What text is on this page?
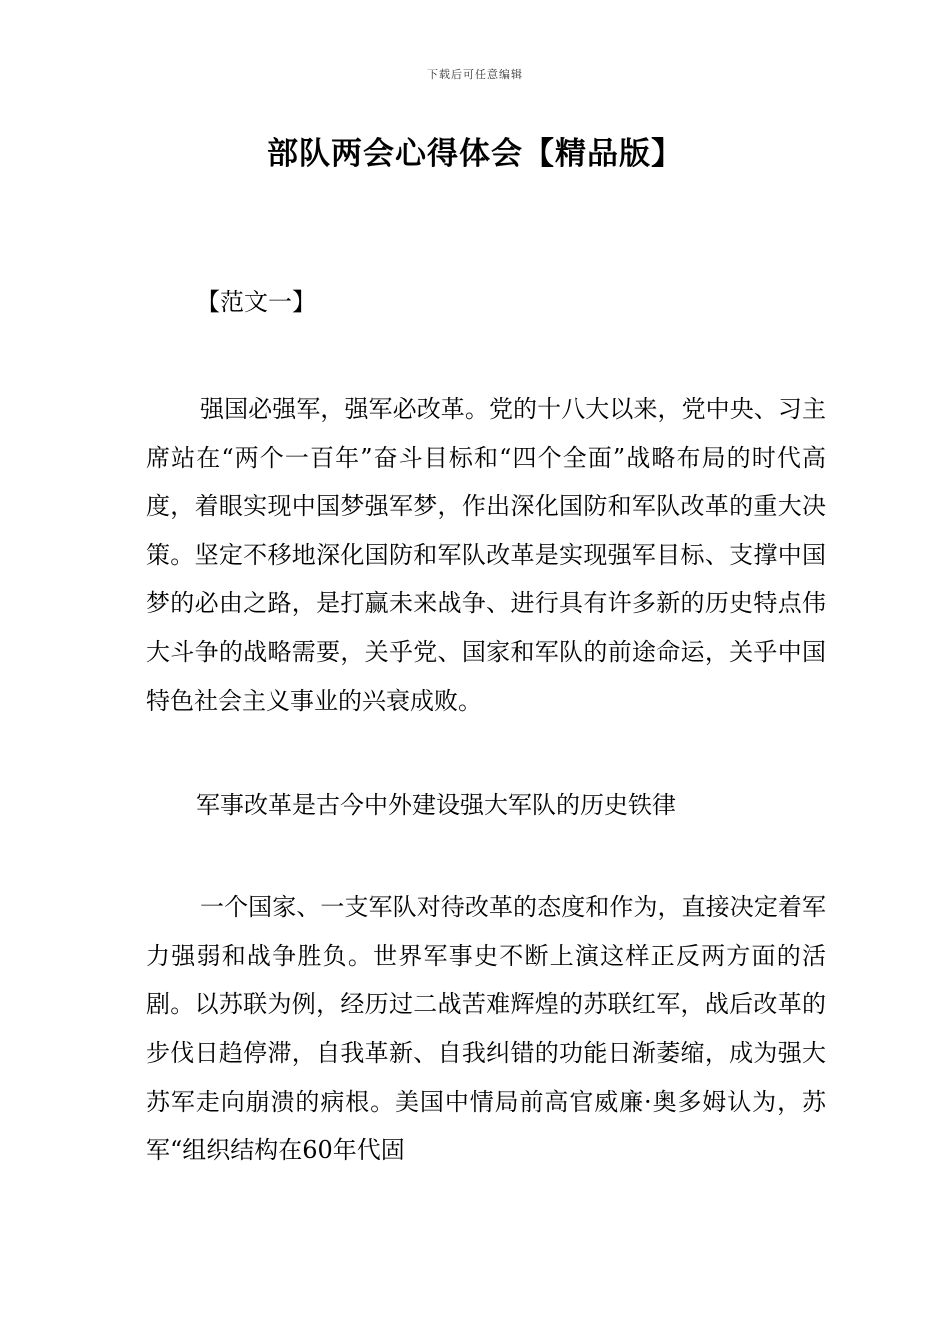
下载后可任意编辑
部队两会心得体会【精品版】
【范文一】

强国必强军，强军必改革。党的十八大以来，党中央、习主席站在“两个一百年”奋斗目标和“四个全面”战略布局的时代高度，着眼实现中国梦强军梦，作出深化国防和军队改革的重大决策。坚定不移地深化国防和军队改革是实现强军目标、支撑中国梦的必由之路，是打赢未来战争、进行具有许多新的历史特点伟大斗争的战略需要，关乎党、国家和军队的前途命运，关乎中国特色社会主义事业的兴衰成败。

军事改革是古今中外建设强大军队的历史铁律

一个国家、一支军队对待改革的态度和作为，直接决定着军力强弱和战争胜负。世界军事史不断上演这样正反两方面的活剧。以苏联为例，经历过二战苦难辉煌的苏联红军，战后改革的步伐日趋停滞，自我革新、自我纠错的功能日渐萎缩，成为强大苏军走向崩溃的病根。美国中情局前高官威廉·奥多姆认为，苏军“组织结构在60年代固
